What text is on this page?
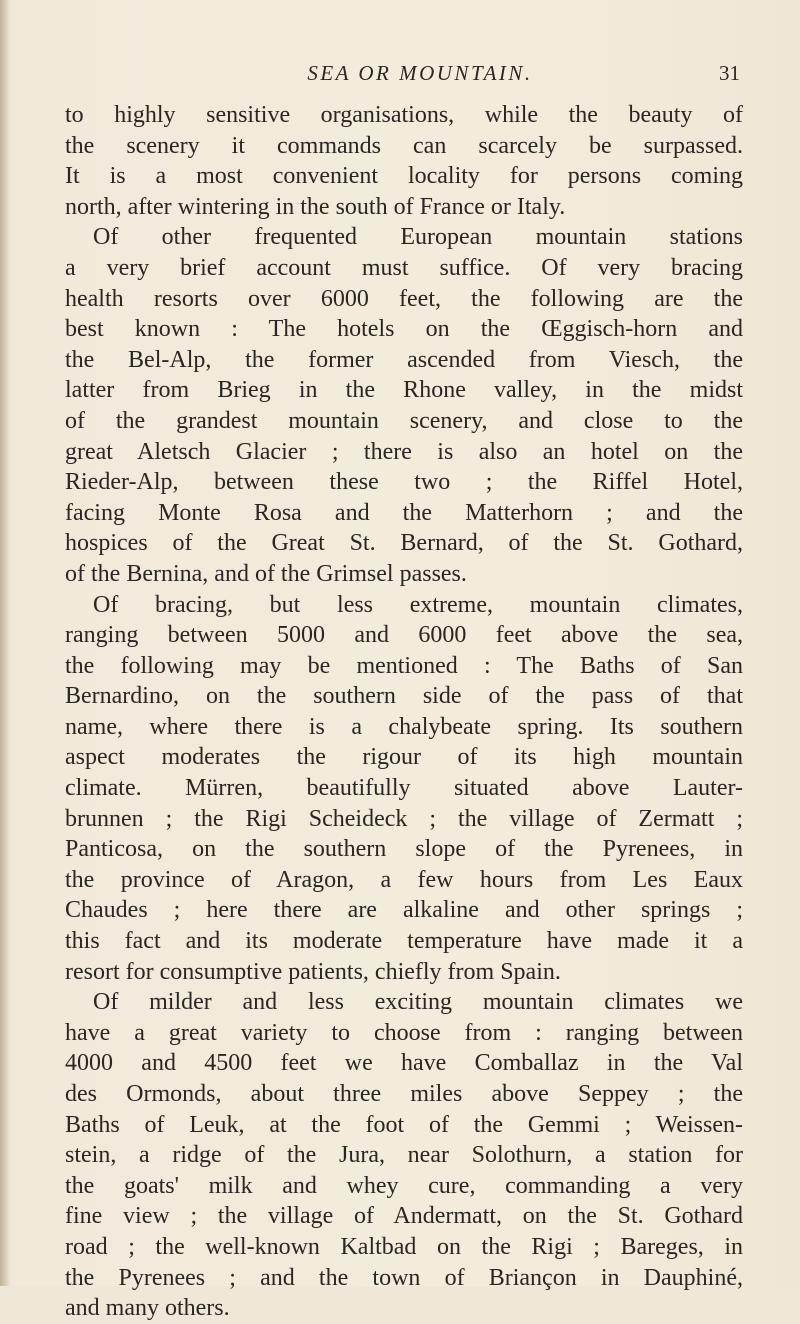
SEA OR MOUNTAIN.	31
to highly sensitive organisations, while the beauty of
the scenery it commands can scarcely be surpassed.
It is a most convenient locality for persons coming
north, after wintering in the south of France or Italy.
Of other frequented European mountain stations
a very brief account must suffice. Of very bracing
health resorts over 6000 feet, the following are the
best known : The hotels on the Œggisch-horn and
the Bel-Alp, the former ascended from Viesch, the
latter from Brieg in the Rhone valley, in the midst
of the grandest mountain scenery, and close to the
great Aletsch Glacier ; there is also an hotel on the
Rieder-Alp, between these two ; the Riffel Hotel,
facing Monte Rosa and the Matterhorn ; and the
hospices of the Great St. Bernard, of the St. Gothard,
of the Bernina, and of the Grimsel passes.
Of bracing, but less extreme, mountain climates,
ranging between 5000 and 6000 feet above the sea,
the following may be mentioned : The Baths of San
Bernardino, on the southern side of the pass of that
name, where there is a chalybeate spring. Its southern
aspect moderates the rigour of its high mountain
climate. Mürren, beautifully situated above Lauter-
brunnen ; the Rigi Scheideck ; the village of Zermatt ;
Panticosa, on the southern slope of the Pyrenees, in
the province of Aragon, a few hours from Les Eaux
Chaudes ; here there are alkaline and other springs ;
this fact and its moderate temperature have made it a
resort for consumptive patients, chiefly from Spain.
Of milder and less exciting mountain climates we
have a great variety to choose from : ranging between
4000 and 4500 feet we have Comballaz in the Val
des Ormonds, about three miles above Seppey ; the
Baths of Leuk, at the foot of the Gemmi ; Weissen-
stein, a ridge of the Jura, near Solothurn, a station for
the goats' milk and whey cure, commanding a very
fine view ; the village of Andermatt, on the St. Gothard
road ; the well-known Kaltbad on the Rigi ; Bareges, in
the Pyrenees ; and the town of Briançon in Dauphiné,
and many others.
